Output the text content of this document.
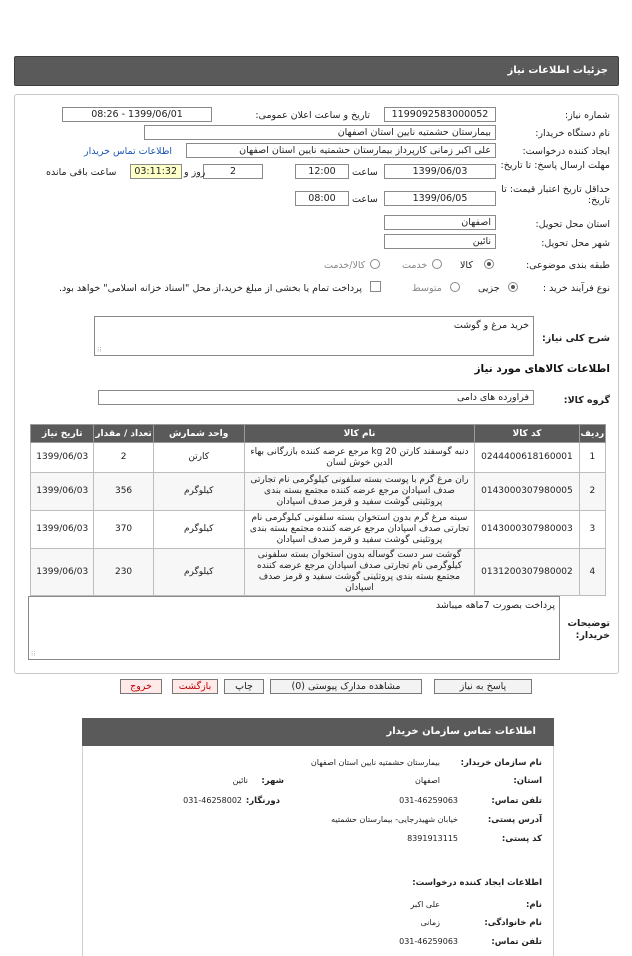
جزئیات اطلاعات نیاز
شماره نیاز:
1199092583000052
تاریخ و ساعت اعلان عمومی:
1399/06/01 - 08:26
نام دستگاه خریدار:
بیمارستان حشمتیه نایین استان اصفهان
ایجاد کننده درخواست:
علی اکبر زمانی کارپرداز بیمارستان حشمتیه نایین استان اصفهان
اطلاعات تماس خریدار
مهلت ارسال پاسخ: تا تاریخ:
1399/06/03
ساعت
12:00
2
روز و
03:11:32
ساعت باقی مانده
حداقل تاریخ اعتبار قیمت: تا تاریخ:
1399/06/05
ساعت
08:00
استان محل تحویل:
اصفهان
شهر محل تحویل:
نائین
طبقه بندی موضوعی:
کالا
خدمت
کالا/خدمت
نوع فرآیند خرید :
جزیی
متوسط
پرداخت تمام یا بخشی از مبلغ خرید،از محل "اسناد خزانه اسلامی" خواهد بود.
شرح کلی نیاز:
خرید مرغ و گوشت
⁝⁝
اطلاعات کالاهای مورد نیاز
گروه کالا:
فراورده های دامی
تاریخ نیاز	تعداد / مقدار	واحد شمارش	نام کالا	کد کالا	ردیف
1399/06/03	2	کارتن	دنبه گوسفند کارتن 20 kg مرجع عرضه کننده بازرگانی بهاء الدین خوش لسان	0244400618160001	1
1399/06/03	356	کیلوگرم	ران مرغ گرم با پوست بسته سلفونی کیلوگرمی نام تجارتی صدف اسپادان مرجع عرضه کننده مجتمع بسته بندی پروتئینی گوشت سفید و قرمز صدف اسپادان	0143000307980005	2
1399/06/03	370	کیلوگرم	سینه مرغ گرم بدون استخوان بسته سلفونی کیلوگرمی نام تجارتی صدف اسپادان مرجع عرضه کننده مجتمع بسته بندی پروتئینی گوشت سفید و قرمز صدف اسپادان	0143000307980003	3
1399/06/03	230	کیلوگرم	گوشت سر دست گوساله بدون استخوان بسته سلفونی کیلوگرمی نام تجارتی صدف اسپادان مرجع عرضه کننده مجتمع بسته بندی پروتئینی گوشت سفید و قرمز صدف اسپادان	0131200307980002	4
توضیحات
خریدار:
پرداخت بصورت 7ماهه میباشد
⁝⁝
پاسخ به نیاز
مشاهده مدارک پیوستی (0)
چاپ
بازگشت
خروج
اطلاعات تماس سازمان خریدار
نام سازمان خریدار:
بیمارستان حشمتیه نایین استان اصفهان
استان:
اصفهان
شهر:
نائین
تلفن تماس:
031-46259063
دورنگار:
031-46258002
آدرس پستی:
خیابان شهیدرجایی- بیمارستان حشمتیه
کد پستی:
8391913115
اطلاعات ایجاد کننده درخواست:
نام:
علی اکبر
نام خانوادگی:
زمانی
تلفن تماس:
031-46259063
